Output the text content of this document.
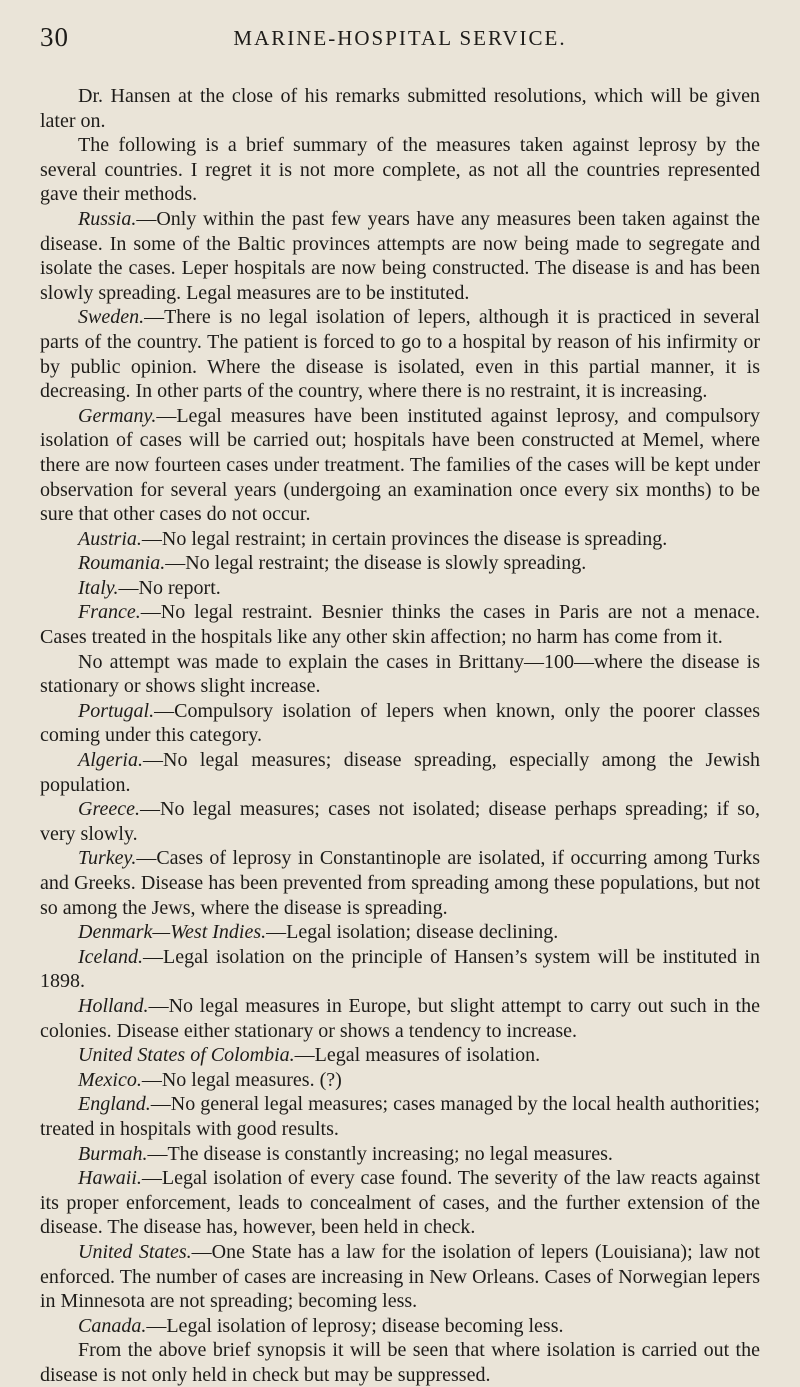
30	MARINE-HOSPITAL SERVICE.

Dr. Hansen at the close of his remarks submitted resolutions, which will be given later on.

The following is a brief summary of the measures taken against leprosy by the several countries. I regret it is not more complete, as not all the countries represented gave their methods.

Russia.—Only within the past few years have any measures been taken against the disease. In some of the Baltic provinces attempts are now being made to segregate and isolate the cases. Leper hospitals are now being constructed. The disease is and has been slowly spreading. Legal measures are to be instituted.

Sweden.—There is no legal isolation of lepers, although it is practiced in several parts of the country. The patient is forced to go to a hospital by reason of his infirmity or by public opinion. Where the disease is isolated, even in this partial manner, it is decreasing. In other parts of the country, where there is no restraint, it is increasing.

Germany.—Legal measures have been instituted against leprosy, and compulsory isolation of cases will be carried out; hospitals have been constructed at Memel, where there are now fourteen cases under treatment. The families of the cases will be kept under observation for several years (undergoing an examination once every six months) to be sure that other cases do not occur.

Austria.—No legal restraint; in certain provinces the disease is spreading.

Roumania.—No legal restraint; the disease is slowly spreading.

Italy.—No report.

France.—No legal restraint. Besnier thinks the cases in Paris are not a menace. Cases treated in the hospitals like any other skin affection; no harm has come from it.

No attempt was made to explain the cases in Brittany—100—where the disease is stationary or shows slight increase.

Portugal.—Compulsory isolation of lepers when known, only the poorer classes coming under this category.

Algeria.—No legal measures; disease spreading, especially among the Jewish population.

Greece.—No legal measures; cases not isolated; disease perhaps spreading; if so, very slowly.

Turkey.—Cases of leprosy in Constantinople are isolated, if occurring among Turks and Greeks. Disease has been prevented from spreading among these populations, but not so among the Jews, where the disease is spreading.

Denmark—West Indies.—Legal isolation; disease declining.

Iceland.—Legal isolation on the principle of Hansen’s system will be instituted in 1898.

Holland.—No legal measures in Europe, but slight attempt to carry out such in the colonies. Disease either stationary or shows a tendency to increase.

United States of Colombia.—Legal measures of isolation.

Mexico.—No legal measures. (?)

England.—No general legal measures; cases managed by the local health authorities; treated in hospitals with good results.

Burmah.—The disease is constantly increasing; no legal measures.

Hawaii.—Legal isolation of every case found. The severity of the law reacts against its proper enforcement, leads to concealment of cases, and the further extension of the disease. The disease has, however, been held in check.

United States.—One State has a law for the isolation of lepers (Louisiana); law not enforced. The number of cases are increasing in New Orleans. Cases of Norwegian lepers in Minnesota are not spreading; becoming less.

Canada.—Legal isolation of leprosy; disease becoming less.

From the above brief synopsis it will be seen that where isolation is carried out the disease is not only held in check but may be suppressed.
